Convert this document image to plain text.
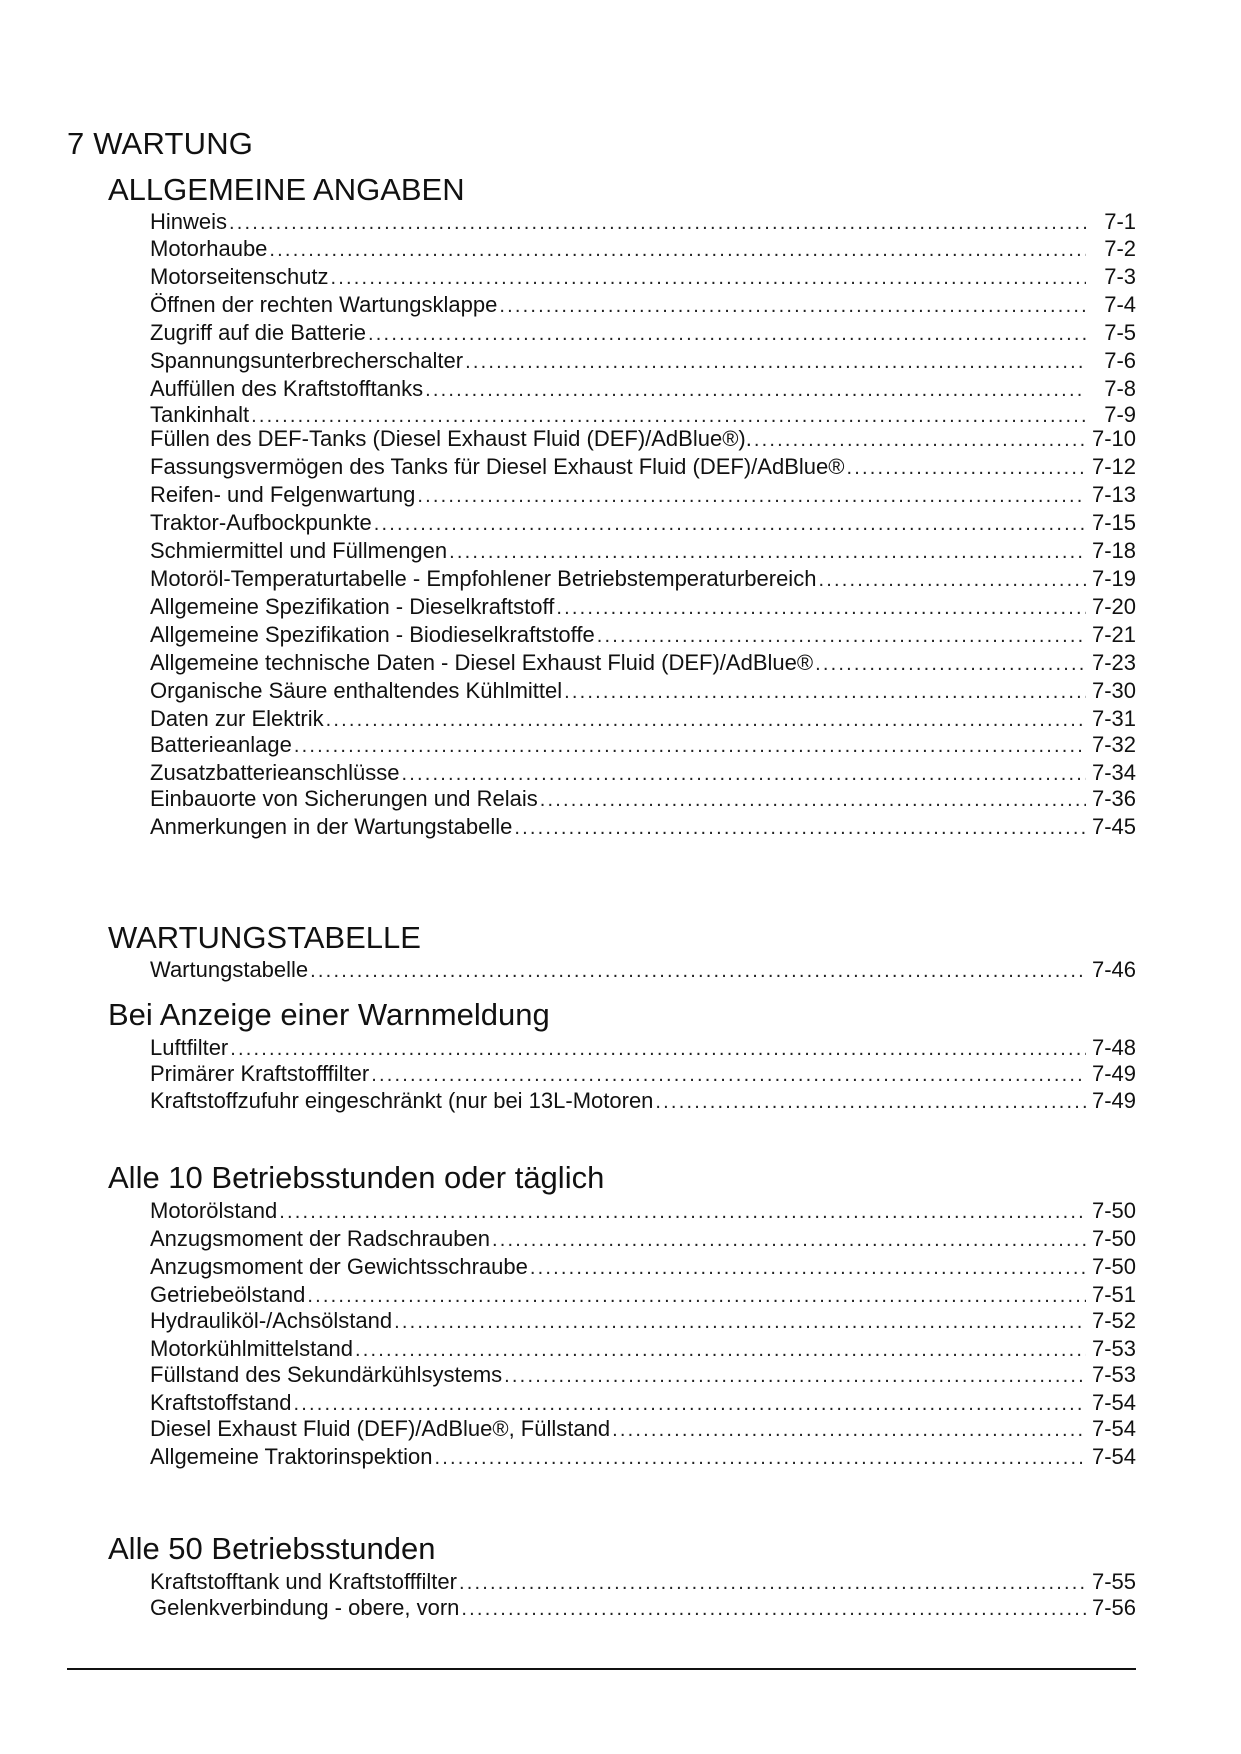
7 WARTUNG
ALLGEMEINE ANGABEN
Hinweis .....	7-1
Motorhaube .....	7-2
Motorseitenschutz .....	7-3
Öffnen der rechten Wartungsklappe .....	7-4
Zugriff auf die Batterie .....	7-5
Spannungsunterbrecherschalter .....	7-6
Auffüllen des Kraftstofftanks .....	7-8
Tankinhalt .....	7-9
Füllen des DEF-Tanks (Diesel Exhaust Fluid (DEF)/AdBlue®). .....	7-10
Fassungsvermögen des Tanks für Diesel Exhaust Fluid (DEF)/AdBlue® .....	7-12
Reifen- und Felgenwartung .....	7-13
Traktor-Aufbockpunkte .....	7-15
Schmiermittel und Füllmengen .....	7-18
Motoröl-Temperaturtabelle - Empfohlener Betriebstemperaturbereich .....	7-19
Allgemeine Spezifikation - Dieselkraftstoff .....	7-20
Allgemeine Spezifikation - Biodieselkraftstoffe .....	7-21
Allgemeine technische Daten - Diesel Exhaust Fluid (DEF)/AdBlue® .....	7-23
Organische Säure enthaltendes Kühlmittel .....	7-30
Daten zur Elektrik .....	7-31
Batterieanlage .....	7-32
Zusatzbatterieanschlüsse .....	7-34
Einbauorte von Sicherungen und Relais .....	7-36
Anmerkungen in der Wartungstabelle .....	7-45
WARTUNGSTABELLE
Wartungstabelle .....	7-46
Bei Anzeige einer Warnmeldung
Luftfilter .....	7-48
Primärer Kraftstofffilter .....	7-49
Kraftstoffzufuhr eingeschränkt (nur bei 13L-Motoren .....	7-49
Alle 10 Betriebsstunden oder täglich
Motorölstand .....	7-50
Anzugsmoment der Radschrauben .....	7-50
Anzugsmoment der Gewichtsschraube .....	7-50
Getriebeölstand .....	7-51
Hydrauliköl-/Achsölstand .....	7-52
Motorkühlmittelstand .....	7-53
Füllstand des Sekundärkühlsystems .....	7-53
Kraftstoffstand .....	7-54
Diesel Exhaust Fluid (DEF)/AdBlue®, Füllstand .....	7-54
Allgemeine Traktorinspektion .....	7-54
Alle 50 Betriebsstunden
Kraftstofftank und Kraftstofffilter .....	7-55
Gelenkverbindung - obere, vorn .....	7-56
